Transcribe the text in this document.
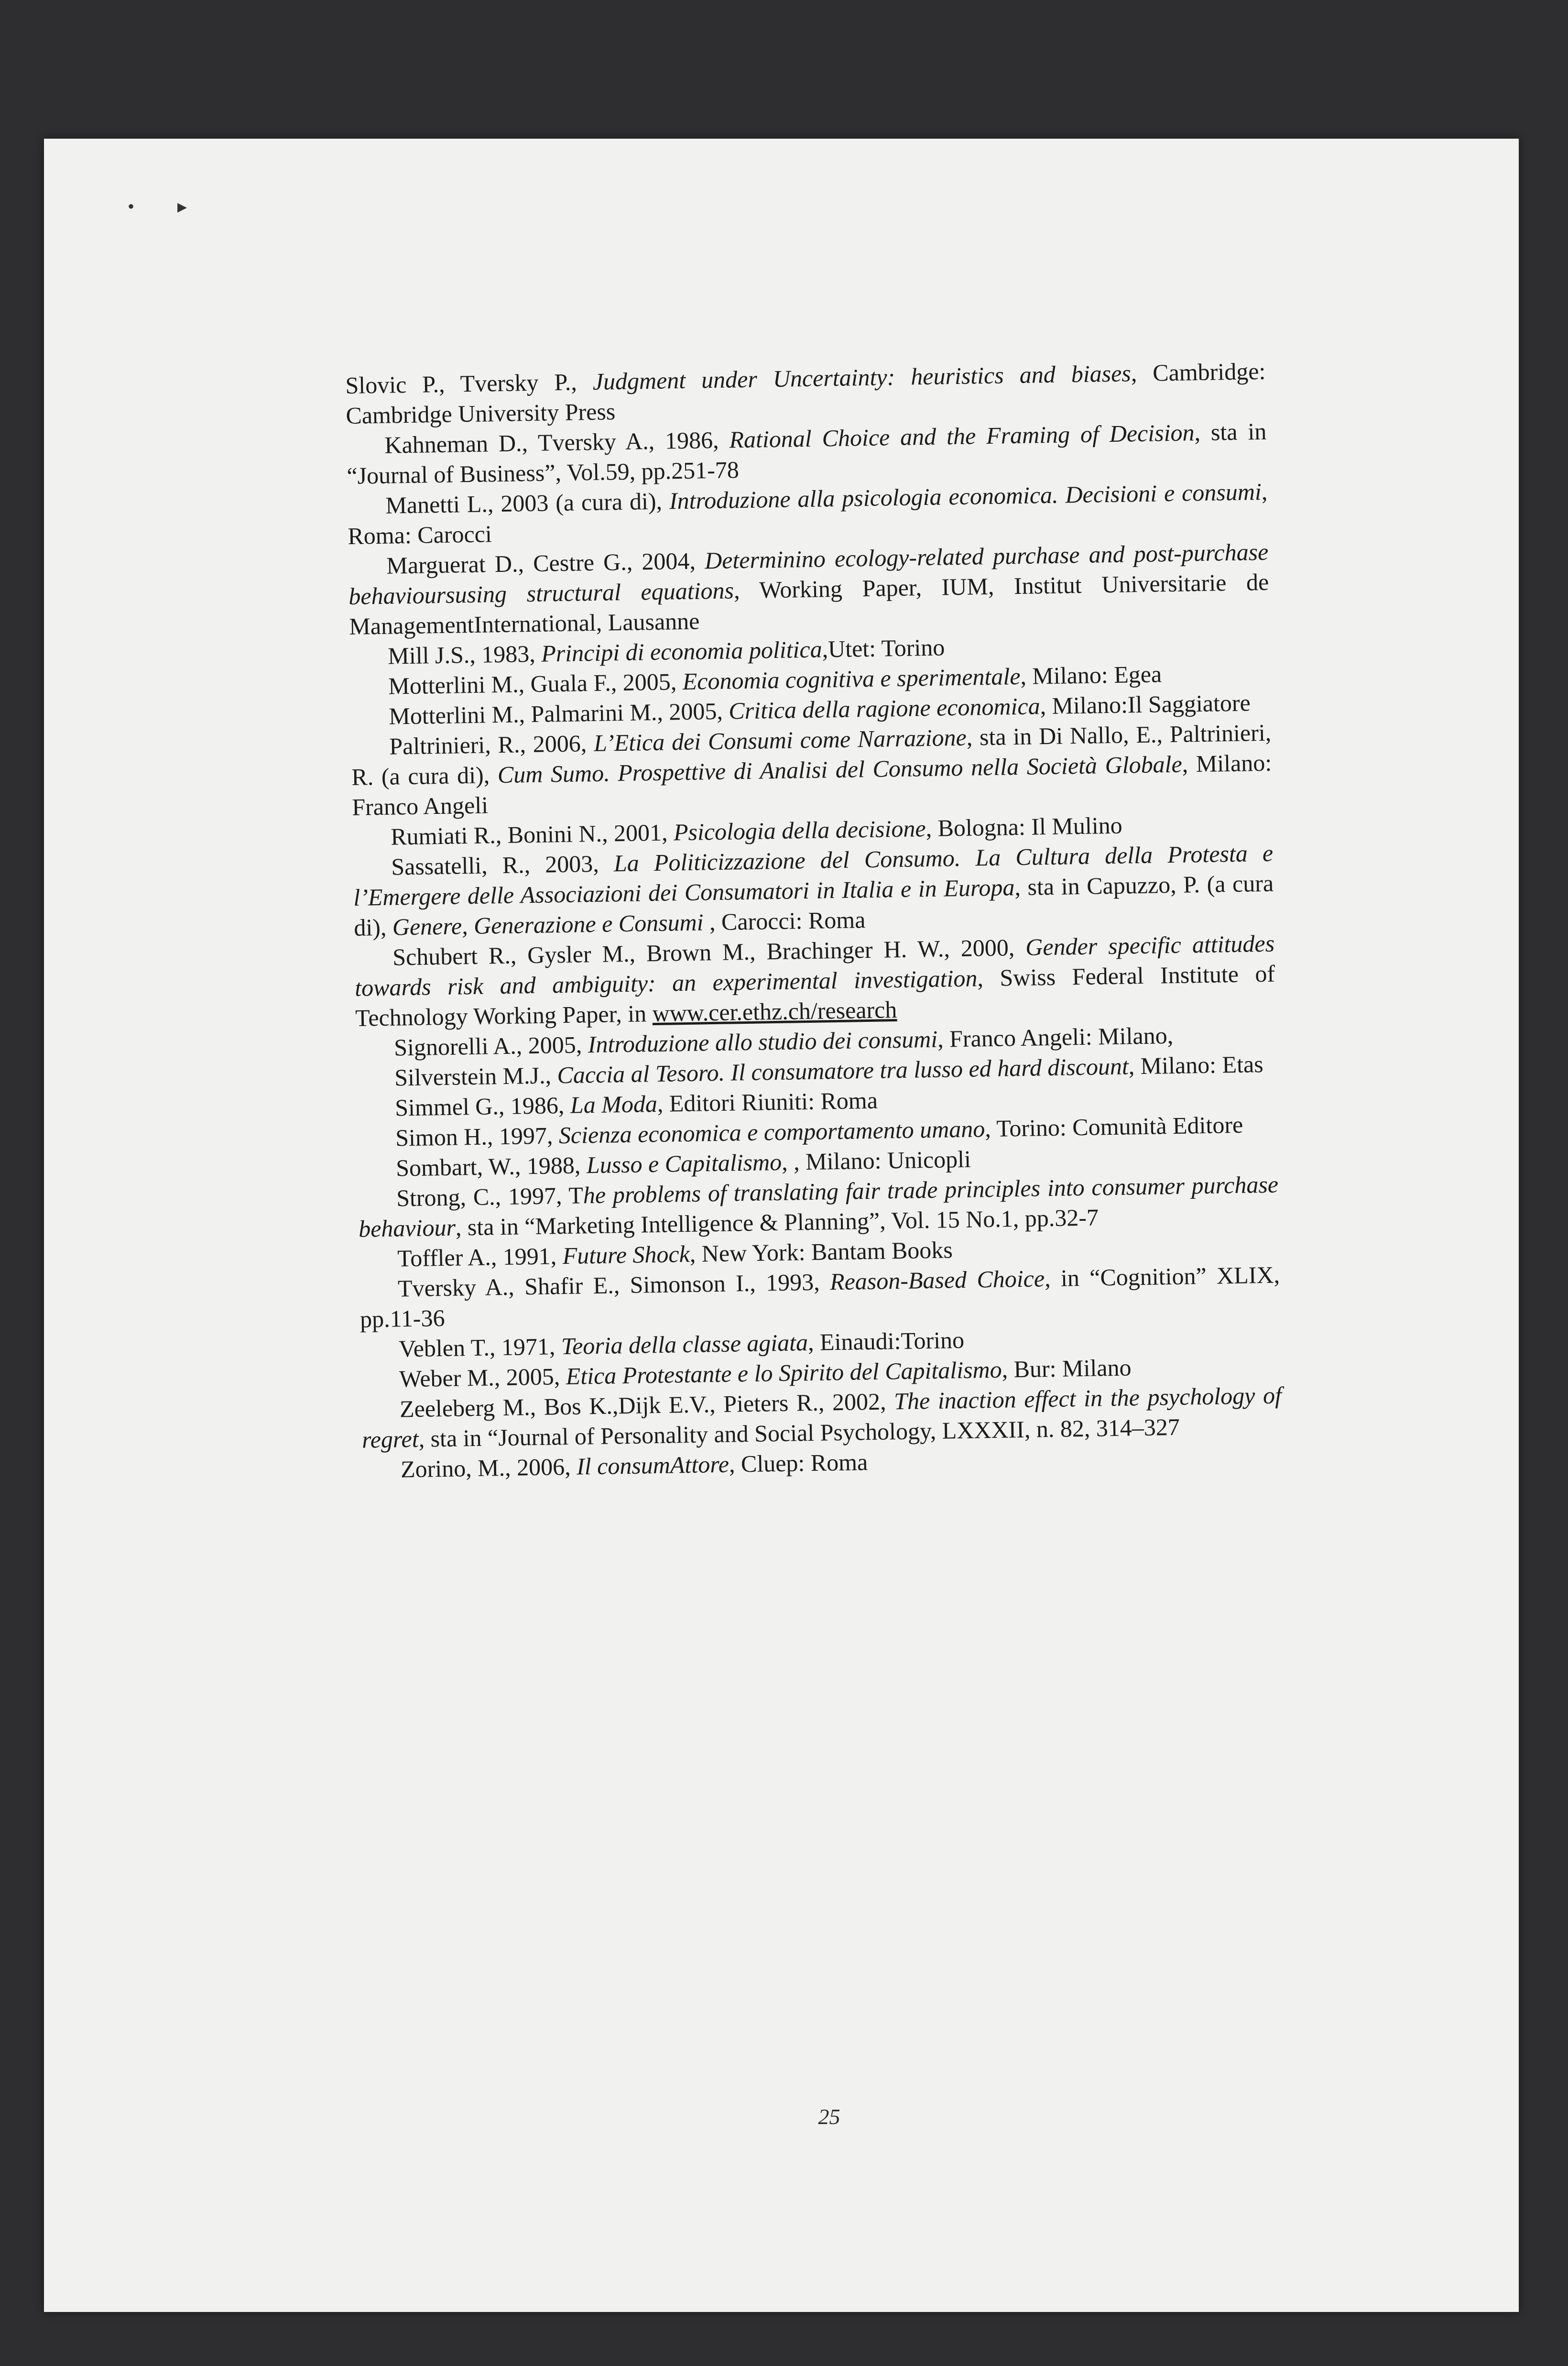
• ▸

Slovic P., Tversky P., Judgment under Uncertainty: heuristics and biases, Cambridge: Cambridge University Press

Kahneman D., Tversky A., 1986, Rational Choice and the Framing of Decision, sta in “Journal of Business”, Vol.59, pp.251-78

Manetti L., 2003 (a cura di), Introduzione alla psicologia economica. Decisioni e consumi, Roma: Carocci

Marguerat D., Cestre G., 2004, Determinino ecology-related purchase and post-purchase behavioursusing structural equations, Working Paper, IUM, Institut Universitarie de ManagementInternational, Lausanne

Mill J.S., 1983, Principi di economia politica,Utet: Torino

Motterlini M., Guala F., 2005, Economia cognitiva e sperimentale, Milano: Egea

Motterlini M., Palmarini M., 2005, Critica della ragione economica, Milano:Il Saggiatore

Paltrinieri, R., 2006, L’Etica dei Consumi come Narrazione, sta in Di Nallo, E., Paltrinieri, R. (a cura di), Cum Sumo. Prospettive di Analisi del Consumo nella Società Globale, Milano: Franco Angeli

Rumiati R., Bonini N., 2001, Psicologia della decisione, Bologna: Il Mulino

Sassatelli, R., 2003, La Politicizzazione del Consumo. La Cultura della Protesta e l’Emergere delle Associazioni dei Consumatori in Italia e in Europa, sta in Capuzzo, P. (a cura di), Genere, Generazione e Consumi , Carocci: Roma

Schubert R., Gysler M., Brown M., Brachinger H. W., 2000, Gender specific attitudes towards risk and ambiguity: an experimental investigation, Swiss Federal Institute of Technology Working Paper, in www.cer.ethz.ch/research

Signorelli A., 2005, Introduzione allo studio dei consumi, Franco Angeli: Milano,

Silverstein M.J., Caccia al Tesoro. Il consumatore tra lusso ed hard discount, Milano: Etas

Simmel G., 1986, La Moda, Editori Riuniti: Roma

Simon H., 1997, Scienza economica e comportamento umano, Torino: Comunità Editore

Sombart, W., 1988, Lusso e Capitalismo, , Milano: Unicopli

Strong, C., 1997, The problems of translating fair trade principles into consumer purchase behaviour, sta in “Marketing Intelligence & Planning”, Vol. 15 No.1, pp.32-7

Toffler A., 1991, Future Shock, New York: Bantam Books

Tversky A., Shafir E., Simonson I., 1993, Reason-Based Choice, in “Cognition” XLIX, pp.11-36

Veblen T., 1971, Teoria della classe agiata, Einaudi:Torino

Weber M., 2005, Etica Protestante e lo Spirito del Capitalismo, Bur: Milano

Zeeleberg M., Bos K.,Dijk E.V., Pieters R., 2002, The inaction effect in the psychology of regret, sta in “Journal of Personality and Social Psychology, LXXXII, n. 82, 314–327

Zorino, M., 2006, Il consumAttore, Cluep: Roma

25
